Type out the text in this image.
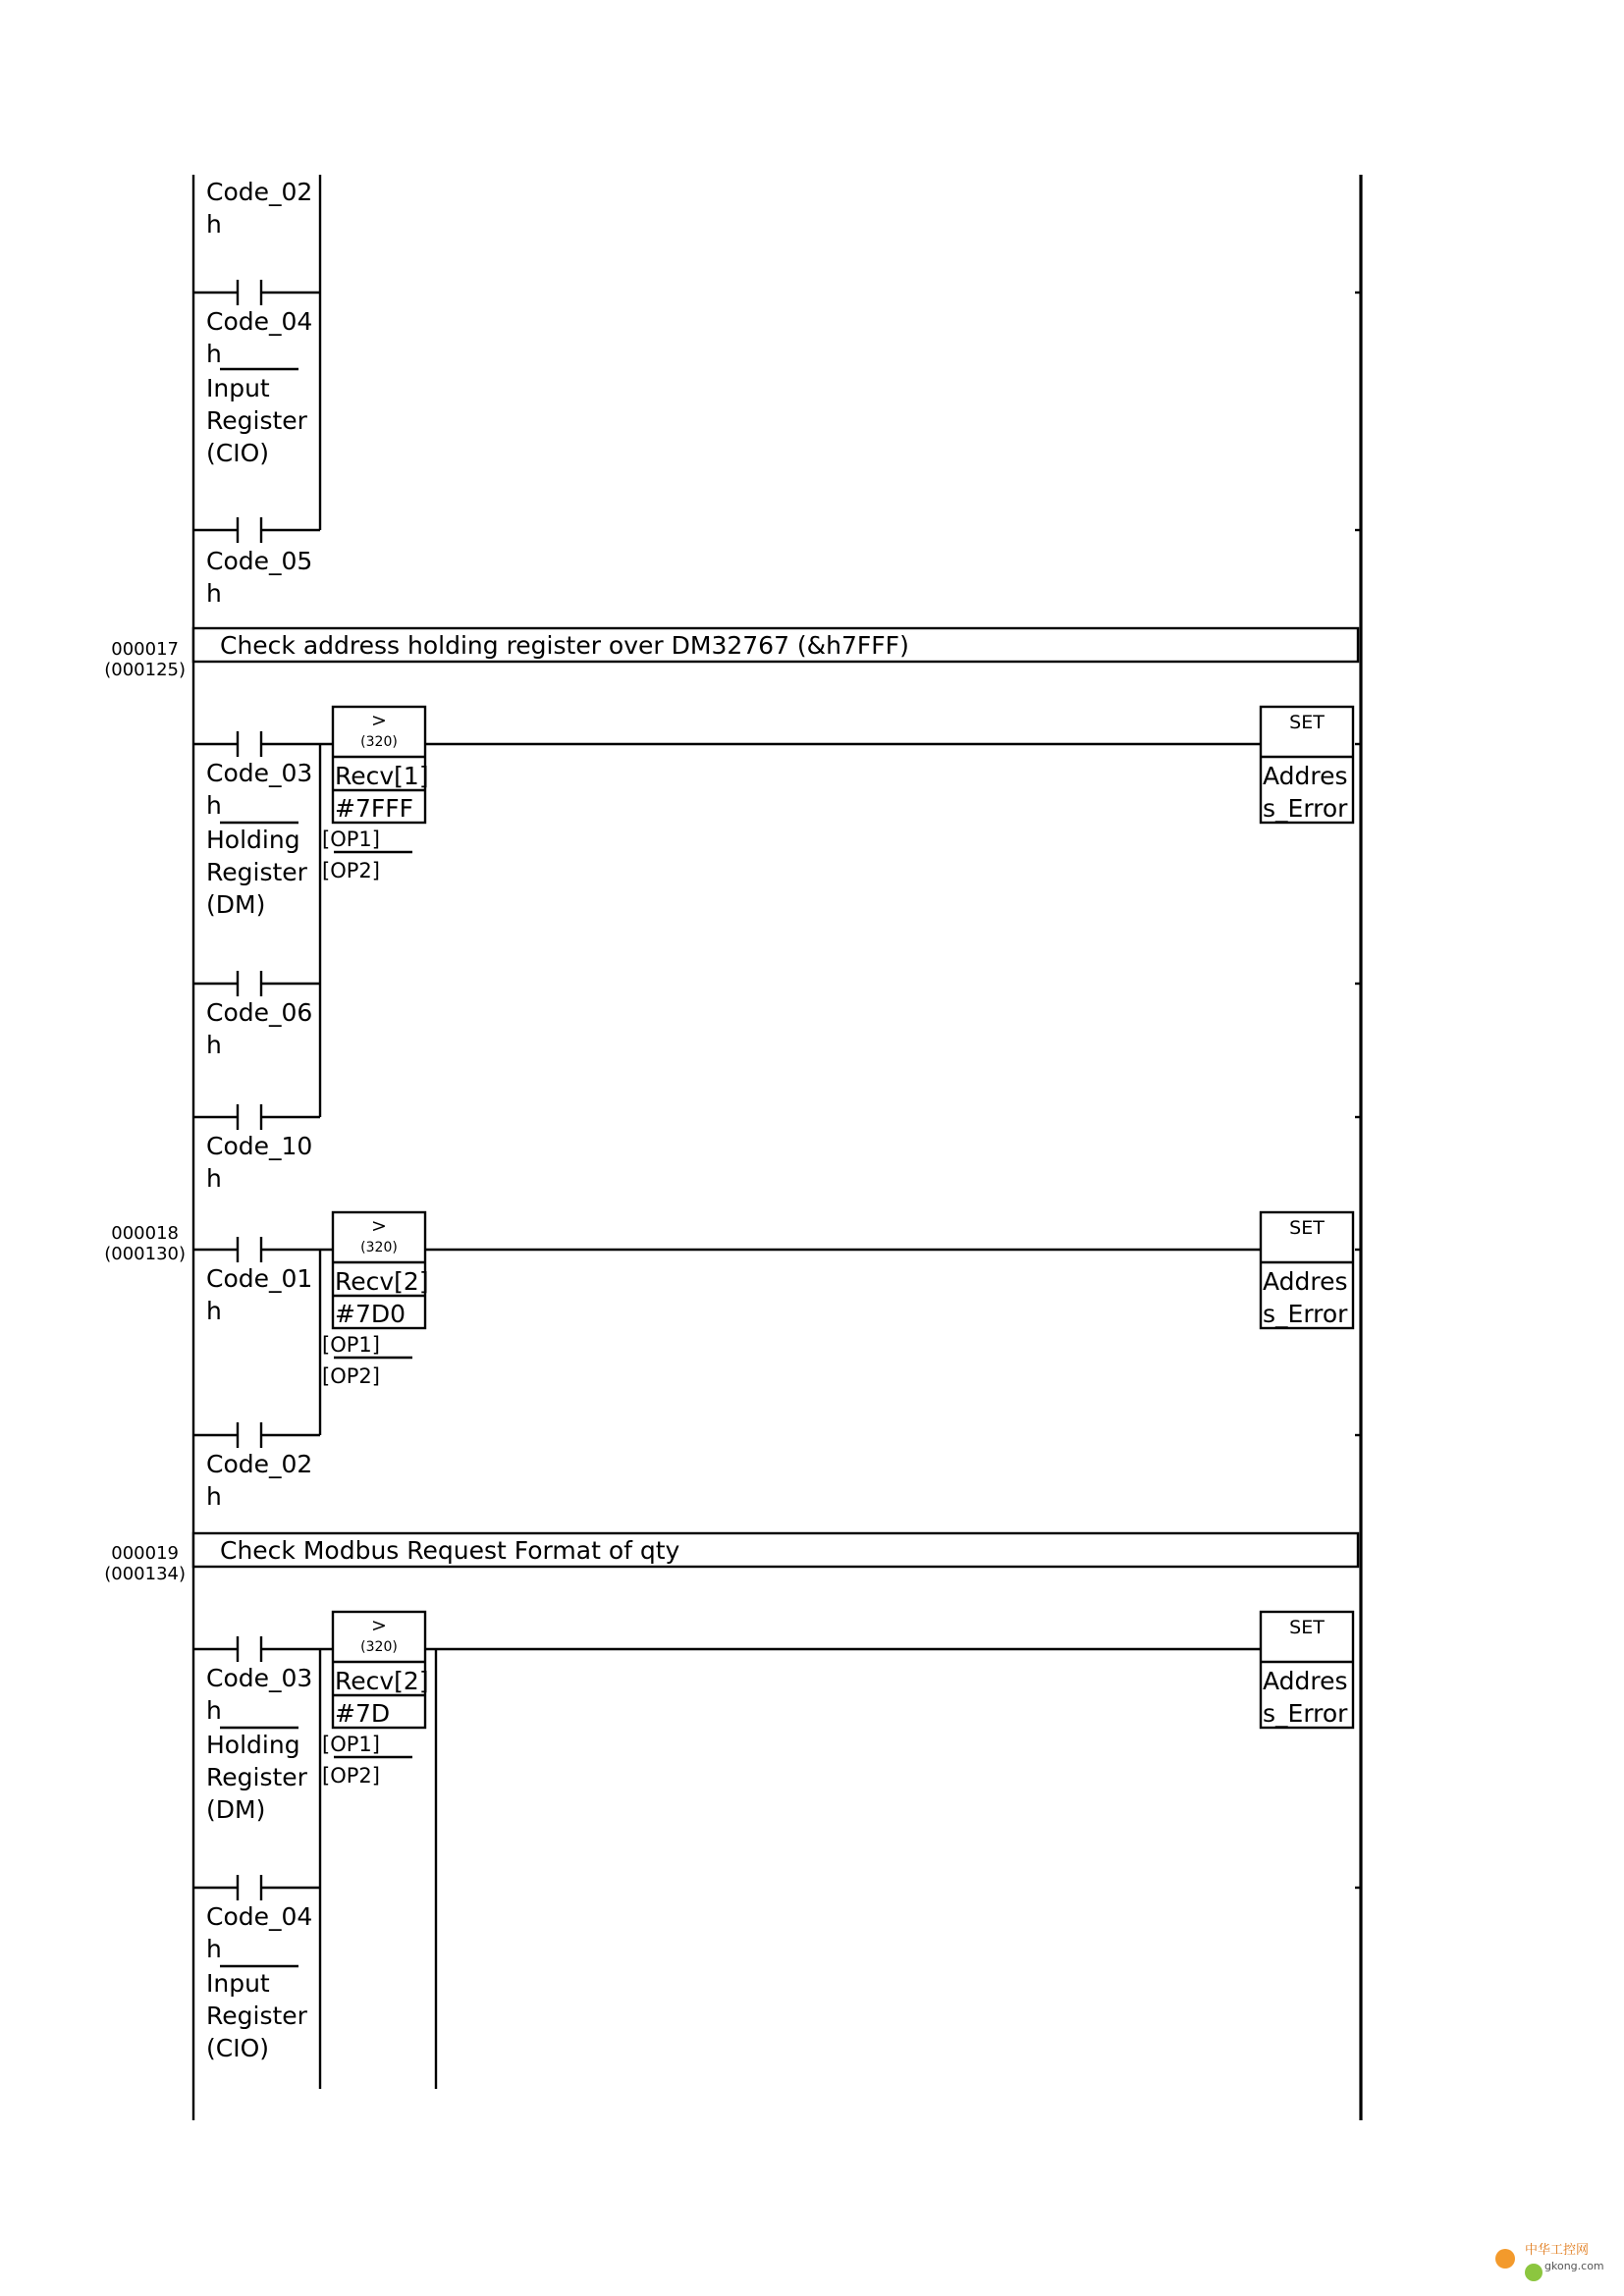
Code_02
h
Code_04
h
Input
Register
(CIO)
Code_05
h
000017
(000125)
Check address holding register over DM32767 (&h7FFF)
Code_03
h
Holding
Register
(DM)
Code_06
h
Code_10
h
>
(320)
Recv[1]
#7FFF
[OP1]
[OP2]
SET
Addres
s_Error
000018
(000130)
Code_01
h
Code_02
h
>
(320)
Recv[2]
#7D0
[OP1]
[OP2]
SET
Addres
s_Error
000019
(000134)
Check Modbus Request Format of qty
Code_03
h
Holding
Register
(DM)
Code_04
h
Input
Register
(CIO)
>
(320)
Recv[2]
#7D
[OP1]
[OP2]
SET
Addres
s_Error
中华工控网
gkong.com
